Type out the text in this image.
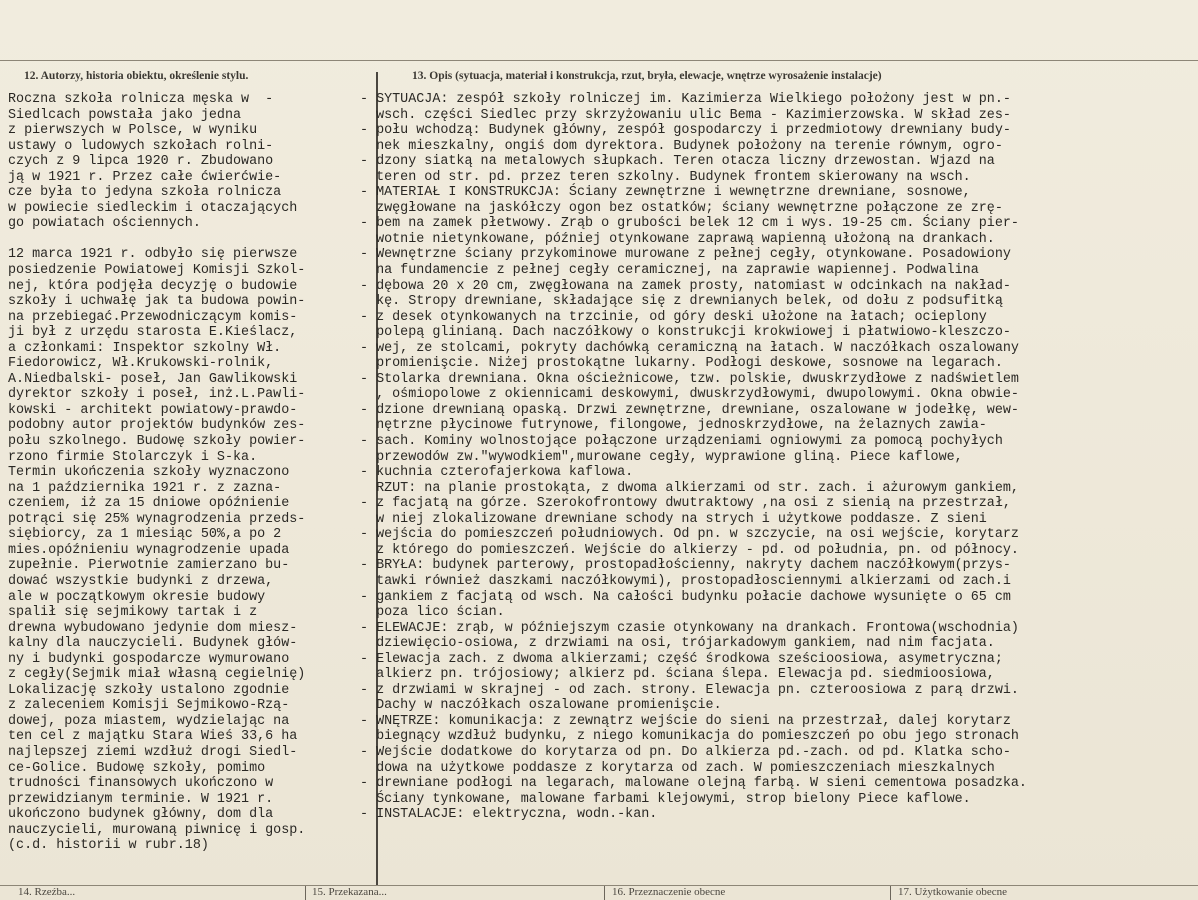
12. Autorzy, historia obiektu, określenie stylu.	13. Opis (sytuacja, materiał i konstrukcja, rzut, bryła, elewacje, wnętrze wyrosażenie instalacje)

Roczna szkoła rolnicza męska w  -
Siedlcach powstała jako jedna
z pierwszych w Polsce, w wyniku
ustawy o ludowych szkołach rolni-
czych z 9 lipca 1920 r. Zbudowano
ją w 1921 r. Przez całe ćwierćwie-
cze była to jedyna szkoła rolnicza
w powiecie siedleckim i otaczających
go powiatach ościennych.
12 marca 1921 r. odbyło się pierwsze
posiedzenie Powiatowej Komisji Szkol-
nej, która podjęła decyzję o budowie
szkoły i uchwałę jak ta budowa powin-
na przebiegać.Przewodniczącym komis-
ji był z urzędu starosta E.Kieślacz,
a członkami: Inspektor szkolny Wł.
Fiedorowicz, Wł.Krukowski-rolnik,
A.Niedbalski- poseł, Jan Gawlikowski
dyrektor szkoły i poseł, inż.L.Pawli-
kowski - architekt powiatowy-prawdo-
podobny autor projektów budynków zes-
połu szkolnego. Budowę szkoły powier-
rzono firmie Stolarczyk i S-ka.
Termin ukończenia szkoły wyznaczono
na 1 października 1921 r. z zazna-
czeniem, iż za 15 dniowe opóźnienie
potrąci się 25% wynagrodzenia przeds-
siębiorcy, za 1 miesiąc 50%,a po 2
mies.opóźnieniu wynagrodzenie upada
zupełnie. Pierwotnie zamierzano bu-
dować wszystkie budynki z drzewa,
ale w początkowym okresie budowy
spalił się sejmikowy tartak i z
drewna wybudowano jedynie dom miesz-
kalny dla nauczycieli. Budynek głów-
ny i budynki gospodarcze wymurowano
z cegły(Sejmik miał własną cegielnię)
Lokalizację szkoły ustalono zgodnie
z zaleceniem Komisji Sejmikowo-Rzą-
dowej, poza miastem, wydzielając na
ten cel z majątku Stara Wieś 33,6 ha
najlepszej ziemi wzdłuż drogi Siedl-
ce-Golice. Budowę szkoły, pomimo
trudności finansowych ukończono w
przewidzianym terminie. W 1921 r.
ukończono budynek główny, dom dla
nauczycieli, murowaną piwnicę i gosp.
(c.d. historii w rubr.18)
- SYTUACJA: zespół szkoły rolniczej im. Kazimierza Wielkiego położony jest w pn.-
wsch. części Siedlec przy skrzyżowaniu ulic Bema - Kazimierzowska. W skład zes-
- połu wchodzą: Budynek główny, zespół gospodarczy i przedmiotowy drewniany budy-
nek mieszkalny, ongiś dom dyrektora. Budynek położony na terenie równym, ogro-
- dzony siatką na metalowych słupkach. Teren otacza liczny drzewostan. Wjazd na
teren od str. pd. przez teren szkolny. Budynek frontem skierowany na wsch.
- MATERIAŁ I KONSTRUKCJA: Ściany zewnętrzne i wewnętrzne drewniane, sosnowe,
zwęgłowane na jaskółczy ogon bez ostatków; ściany wewnętrzne połączone ze zrę-
- bem na zamek płetwowy. Zrąb o grubości belek 12 cm i wys. 19-25 cm. Ściany pier-
wotnie nietynkowane, później otynkowane zaprawą wapienną ułożoną na drankach.
- Wewnętrzne ściany przykominowe murowane z pełnej cegły, otynkowane. Posadowiony
na fundamencie z pełnej cegły ceramicznej, na zaprawie wapiennej. Podwalina
- dębowa 20 x 20 cm, zwęgłowana na zamek prosty, natomiast w odcinkach na nakład-
kę. Stropy drewniane, składające się z drewnianych belek, od dołu z podsufitką
- z desek otynkowanych na trzcinie, od góry deski ułożone na łatach; ocieplony
polepą glinianą. Dach naczółkowy o konstrukcji krokwiowej i płatwiowo-kleszczo-
- wej, ze stolcami, pokryty dachówką ceramiczną na łatach. W naczółkach oszalowany
promienişcie. Niżej prostokątne lukarny. Podłogi deskowe, sosnowe na legarach.
- Stolarka drewniana. Okna ościeżnicowe, tzw. polskie, dwuskrzydłowe z nadświetlem
, ośmiopolowe z okiennicami deskowymi, dwuskrzydłowymi, dwupolowymi. Okna obwie-
- dzione drewnianą opaską. Drzwi zewnętrzne, drewniane, oszalowane w jodełkę, wew-
nętrzne płycinowe futrynowe, filongowe, jednoskrzydłowe, na żelaznych zawia-
- sach. Kominy wolnostojące połączone urządzeniami ogniowymi za pomocą pochyłych
przewodów zw."wywodkiem",murowane cegły, wyprawione gliną. Piece kaflowe,
- kuchnia czterofajerkowa kaflowa.
RZUT: na planie prostokąta, z dwoma alkierzami od str. zach. i ażurowym gankiem,
- z facjatą na górze. Szerokofrontowy dwutraktowy ,na osi z sienią na przestrzał,
w niej zlokalizowane drewniane schody na strych i użytkowe poddasze. Z sieni
- wejścia do pomieszczeń południowych. Od pn. w szczycie, na osi wejście, korytarz
z którego do pomieszczeń. Wejście do alkierzy - pd. od południa, pn. od północy.
- BRYŁA: budynek parterowy, prostopadłościenny, nakryty dachem naczółkowym(przys-
tawki również daszkami naczółkowymi), prostopadłosciennymi alkierzami od zach.i
- gankiem z facjatą od wsch. Na całości budynku połacie dachowe wysunięte o 65 cm
poza lico ścian.
- ELEWACJE: zrąb, w późniejszym czasie otynkowany na drankach. Frontowa(wschodnia)
dziewięcio-osiowa, z drzwiami na osi, trójarkadowym gankiem, nad nim facjata.
- Elewacja zach. z dwoma alkierzami; część środkowa sześcioosiowa, asymetryczna;
alkierz pn. trójosiowy; alkierz pd. ściana ślepa. Elewacja pd. siedmioosiowa,
- z drzwiami w skrajnej - od zach. strony. Elewacja pn. czteroosiowa z parą drzwi.
Dachy w naczółkach oszalowane promienişcie.
- WNĘTRZE: komunikacja: z zewnątrz wejście do sieni na przestrzał, dalej korytarz
biegnący wzdłuż budynku, z niego komunikacja do pomieszczeń po obu jego stronach
- Wejście dodatkowe do korytarza od pn. Do alkierza pd.-zach. od pd. Klatka scho-
dowa na użytkowe poddasze z korytarza od zach. W pomieszczeniach mieszkalnych
- drewniane podłogi na legarach, malowane olejną farbą. W sieni cementowa posadzka.
Ściany tynkowane, malowane farbami klejowymi, strop bielony Piece kaflowe.
- INSTALACJE: elektryczna, wodn.-kan.
14. Rzeźba...	15. Przekazana...	16. Przeznaczenie obecne	17. Użytkowanie obecne
